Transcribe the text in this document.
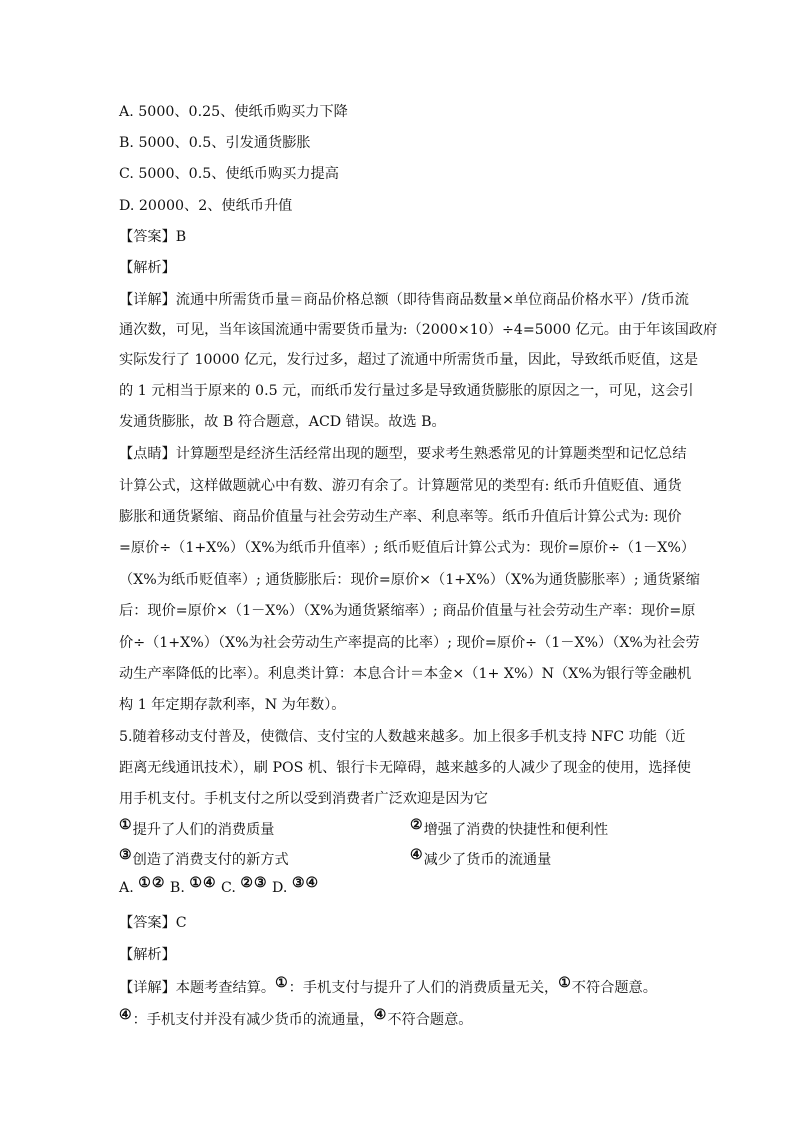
A. 5000、0.25、使纸币购买力下降
B. 5000、0.5、引发通货膨胀
C. 5000、0.5、使纸币购买力提高
D. 20000、2、使纸币升值
【答案】B
【解析】
【详解】流通中所需货币量＝商品价格总额（即待售商品数量×单位商品价格水平）/货币流
通次数，可见，当年该国流通中需要货币量为:（2000×10）÷4=5000 亿元。由于年该国政府
实际发行了 10000 亿元，发行过多，超过了流通中所需货币量，因此，导致纸币贬值，这是
的 1 元相当于原来的 0.5 元，而纸币发行量过多是导致通货膨胀的原因之一，可见，这会引
发通货膨胀，故 B 符合题意，ACD 错误。故选 B。
【点睛】计算题型是经济生活经常出现的题型，要求考生熟悉常见的计算题类型和记忆总结
计算公式，这样做题就心中有数、游刃有余了。计算题常见的类型有: 纸币升值贬值、通货
膨胀和通货紧缩、商品价值量与社会劳动生产率、利息率等。纸币升值后计算公式为: 现价
=原价÷（1+X%）（X%为纸币升值率）; 纸币贬值后计算公式为：现价=原价÷（1－X%）
（X%为纸币贬值率）; 通货膨胀后：现价=原价×（1+X%）（X%为通货膨胀率）; 通货紧缩
后：现价=原价×（1－X%）（X%为通货紧缩率）; 商品价值量与社会劳动生产率：现价=原
价÷（1+X%）（X%为社会劳动生产率提高的比率）; 现价=原价÷（1－X%）（X%为社会劳
动生产率降低的比率）。利息类计算：本息合计＝本金×（1+ X%）N（X%为银行等金融机
构 1 年定期存款利率，N 为年数）。
5.随着移动支付普及，使微信、支付宝的人数越来越多。加上很多手机支持 NFC 功能（近
距离无线通讯技术），刷 POS 机、银行卡无障碍，越来越多的人减少了现金的使用，选择使
用手机支付。手机支付之所以受到消费者广泛欢迎是因为它
①提升了人们的消费质量	②增强了消费的快捷性和便利性
③创造了消费支付的新方式	④减少了货币的流通量
A. ①② B. ①④ C. ②③ D. ③④
【答案】C
【解析】
【详解】本题考查结算。①：手机支付与提升了人们的消费质量无关，①不符合题意。
④：手机支付并没有减少货币的流通量，④不符合题意。
